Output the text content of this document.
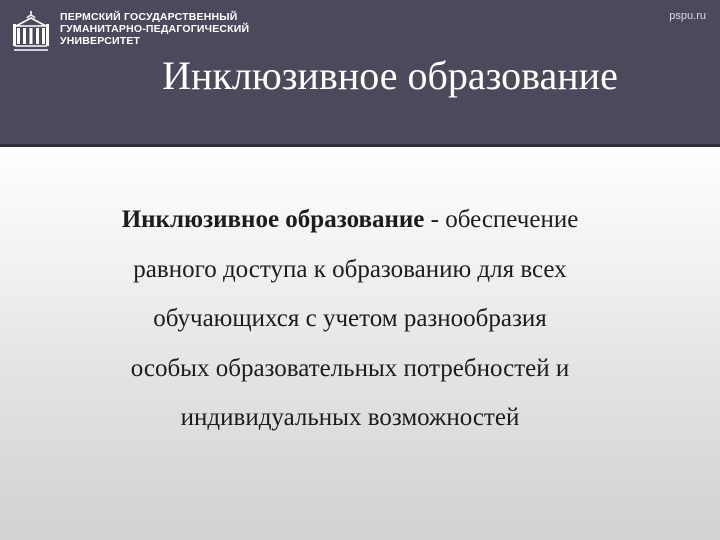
ПЕРМСКИЙ ГОСУДАРСТВЕННЫЙ
ГУМАНИТАРНО-ПЕДАГОГИЧЕСКИЙ
УНИВЕРСИТЕТ
pspu.ru
Инклюзивное образование
Инклюзивное образование - обеспечение
равного доступа к образованию для всех
обучающихся с учетом разнообразия
особых образовательных потребностей и
индивидуальных возможностей
